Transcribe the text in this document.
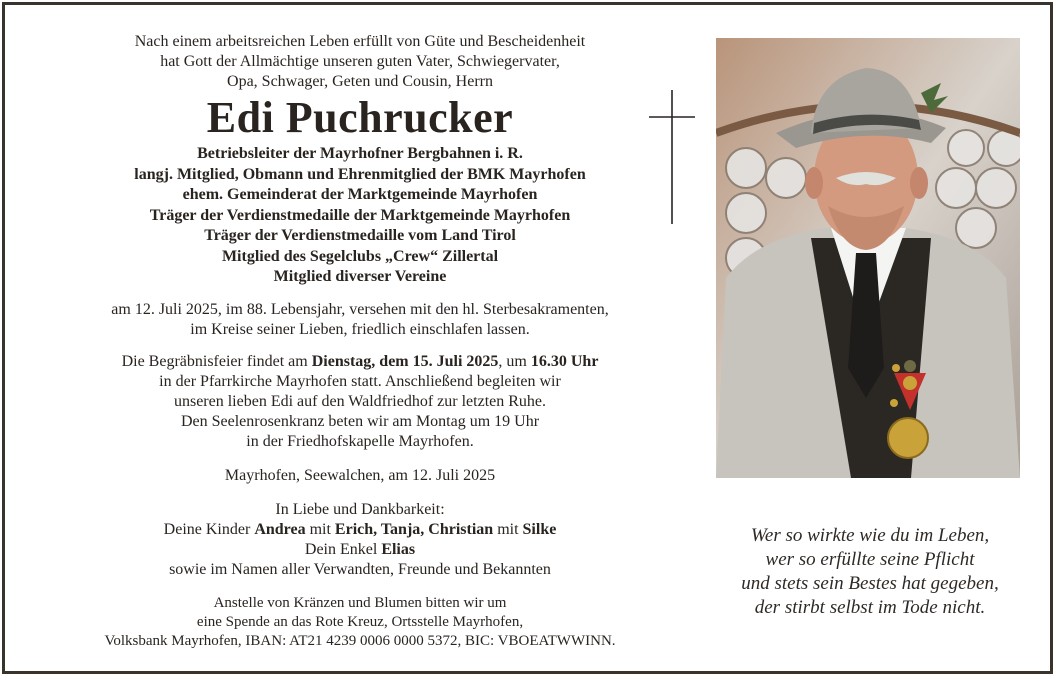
Nach einem arbeitsreichen Leben erfüllt von Güte und Bescheidenheit

hat Gott der Allmächtige unseren guten Vater, Schwiegervater,

Opa, Schwager, Geten und Cousin, Herrn

Edi Puchrucker

Betriebsleiter der Mayrhofner Bergbahnen i. R.

langj. Mitglied, Obmann und Ehrenmitglied der BMK Mayrhofen

ehem. Gemeinderat der Marktgemeinde Mayrhofen

Träger der Verdienstmedaille der Marktgemeinde Mayrhofen

Träger der Verdienstmedaille vom Land Tirol

Mitglied des Segelclubs „Crew“ Zillertal

Mitglied diverser Vereine

am 12. Juli 2025, im 88. Lebensjahr, versehen mit den hl. Sterbesakramenten,

im Kreise seiner Lieben, friedlich einschlafen lassen.

Die Begräbnisfeier findet am Dienstag, dem 15. Juli 2025, um 16.30 Uhr

in der Pfarrkirche Mayrhofen statt. Anschließend begleiten wir

unseren lieben Edi auf den Waldfriedhof zur letzten Ruhe.

Den Seelenrosenkranz beten wir am Montag um 19 Uhr

in der Friedhofskapelle Mayrhofen.

Mayrhofen, Seewalchen, am 12. Juli 2025

In Liebe und Dankbarkeit:

Deine Kinder Andrea mit Erich, Tanja, Christian mit Silke

Dein Enkel Elias

sowie im Namen aller Verwandten, Freunde und Bekannten

Anstelle von Kränzen und Blumen bitten wir um

eine Spende an das Rote Kreuz, Ortsstelle Mayrhofen,

Volksbank Mayrhofen, IBAN: AT21 4239 0006 0000 5372, BIC: VBOEATWWINN.

Wer so wirkte wie du im Leben,

wer so erfüllte seine Pflicht

und stets sein Bestes hat gegeben,

der stirbt selbst im Tode nicht.
